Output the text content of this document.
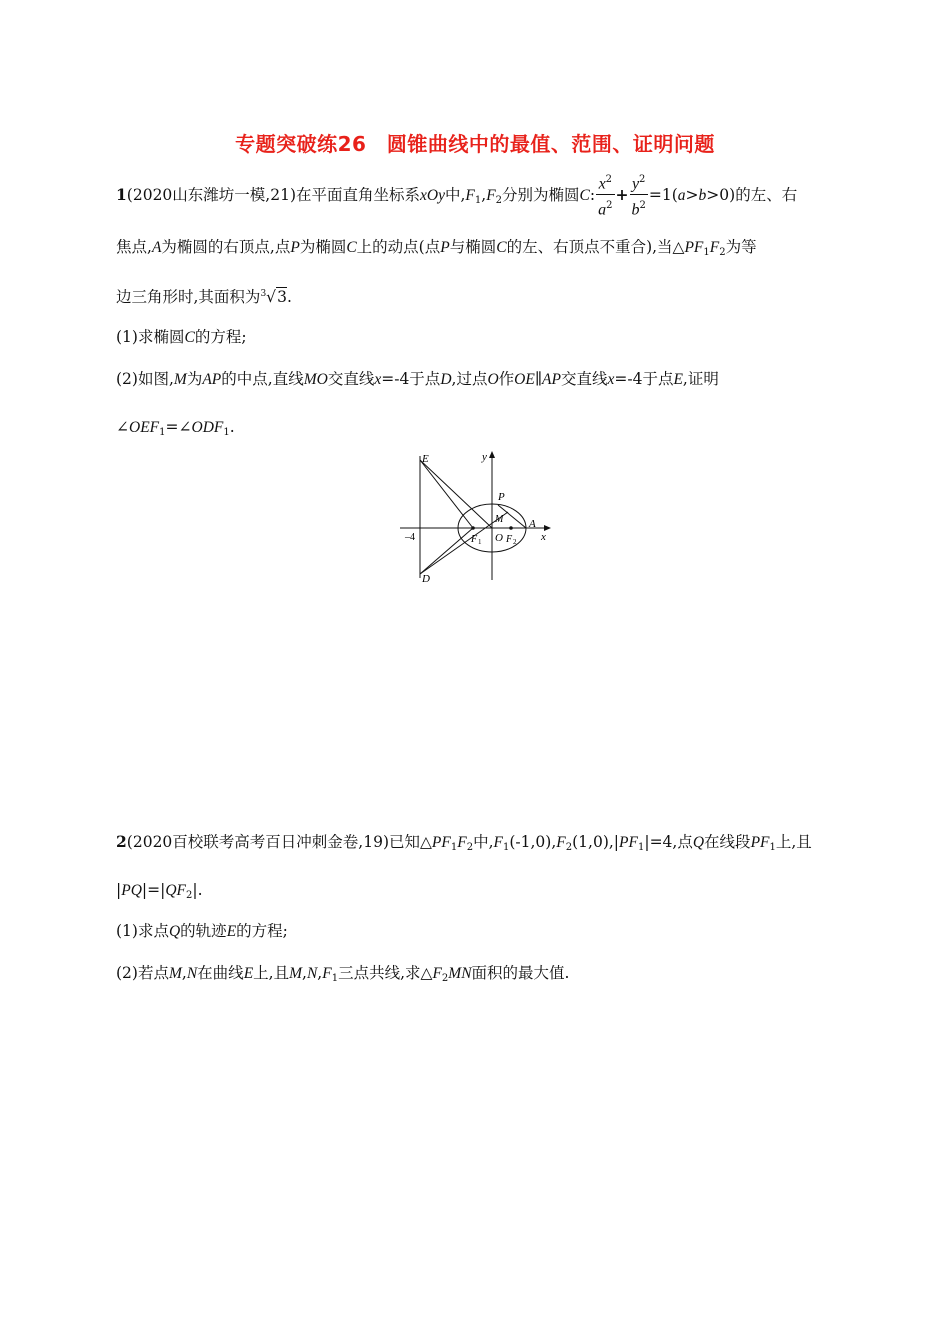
专题突破练26　圆锥曲线中的最值、范围、证明问题
1(2020山东潍坊一模,21)在平面直角坐标系xOy中$,F_1,F_2$分别为椭圆C: $\frac{x^2}{a^2} + \frac{y^2}{b^2} =1(a>b>0)$的左、右
焦点,A为椭圆的右顶点,点P为椭圆C上的动点(点P与椭圆C的左、右顶点不重合),当$\triangle PF_1F_2$为等
边三角形时,其面积为$^3$√3.
(1)求椭圆C的方程;
(2)如图,M为AP的中点,直线MO交直线x=-4于点D,过点O作OE∥AP交直线x=-4于点E,证明
$\angle OEF_1=\angle ODF_1$.
E
D
y
x
P
M A
O
F 1 F 2
–4
2(2020百校联考高考百日冲刺金卷,19)已知$\triangle PF_1F_2$中$,F_1(-1,0),F_2(1,0),|PF_1|=4$,点Q在线段$PF_1$上,且
$|PQ|=|QF_2|$.
(1)求点Q的轨迹E的方程;
(2)若点M,N在曲线E上,且$M,N,F_1$三点共线,求$\triangle F_2MN$面积的最大值.
